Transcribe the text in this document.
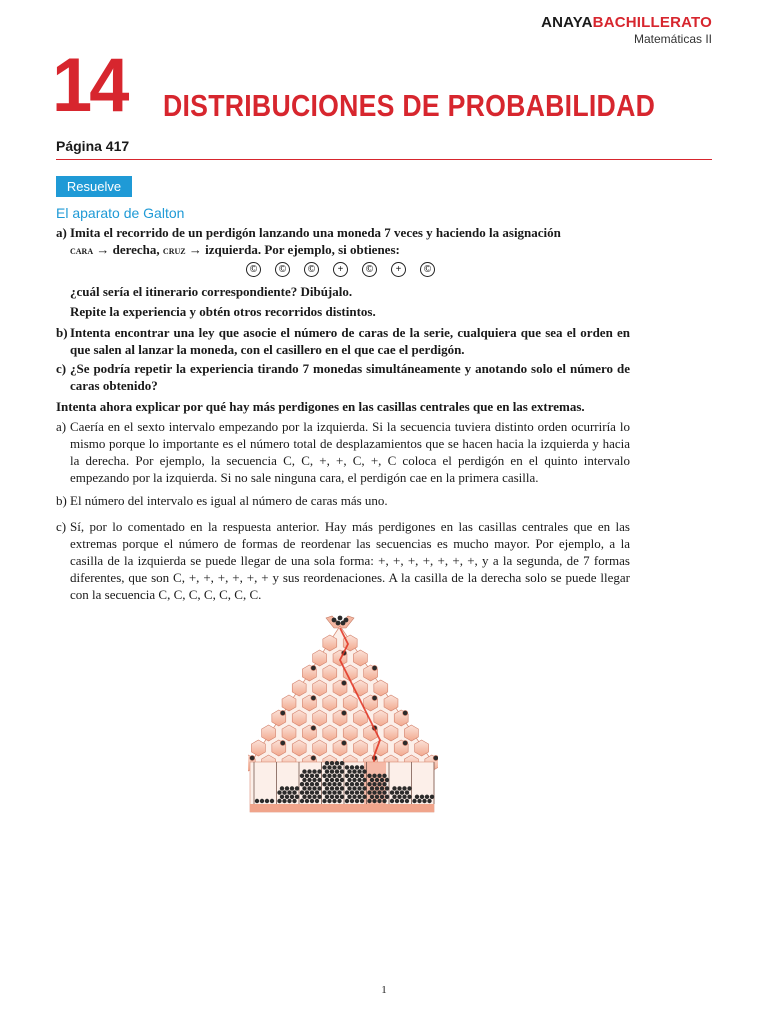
ANAYABACHILLERATO
Matemáticas II
14 DISTRIBUCIONES DE PROBABILIDAD
Página 417
Resuelve
El aparato de Galton
a) Imita el recorrido de un perdigón lanzando una moneda 7 veces y haciendo la asignación
cara → derecha, cruz → izquierda. Por ejemplo, si obtienes:
© © © + © + ©
¿cuál sería el itinerario correspondiente? Dibújalo.
Repite la experiencia y obtén otros recorridos distintos.
b) Intenta encontrar una ley que asocie el número de caras de la serie, cualquiera que sea el orden en que salen al lanzar la moneda, con el casillero en el que cae el perdigón.
c) ¿Se podría repetir la experiencia tirando 7 monedas simultáneamente y anotando solo el número de caras obtenido?
Intenta ahora explicar por qué hay más perdigones en las casillas centrales que en las extremas.
a) Caería en el sexto intervalo empezando por la izquierda. Si la secuencia tuviera distinto orden ocurriría lo mismo porque lo importante es el número total de desplazamientos que se hacen hacia la izquierda y hacia la derecha. Por ejemplo, la secuencia C, C, +, +, C, +, C coloca el perdigón en el quinto intervalo empezando por la izquierda. Si no sale ninguna cara, el perdigón cae en la primera casilla.
b) El número del intervalo es igual al número de caras más uno.
c) Sí, por lo comentado en la respuesta anterior. Hay más perdigones en las casillas centrales que en las extremas porque el número de formas de reordenar las secuencias es mucho mayor. Por ejemplo, a la casilla de la izquierda se puede llegar de una sola forma: +, +, +, +, +, +, +, y a la segunda, de 7 formas diferentes, que son C, +, +, +, +, +, + y sus reordenaciones. A la casilla de la derecha solo se puede llegar con la secuencia C, C, C, C, C, C, C.
1
